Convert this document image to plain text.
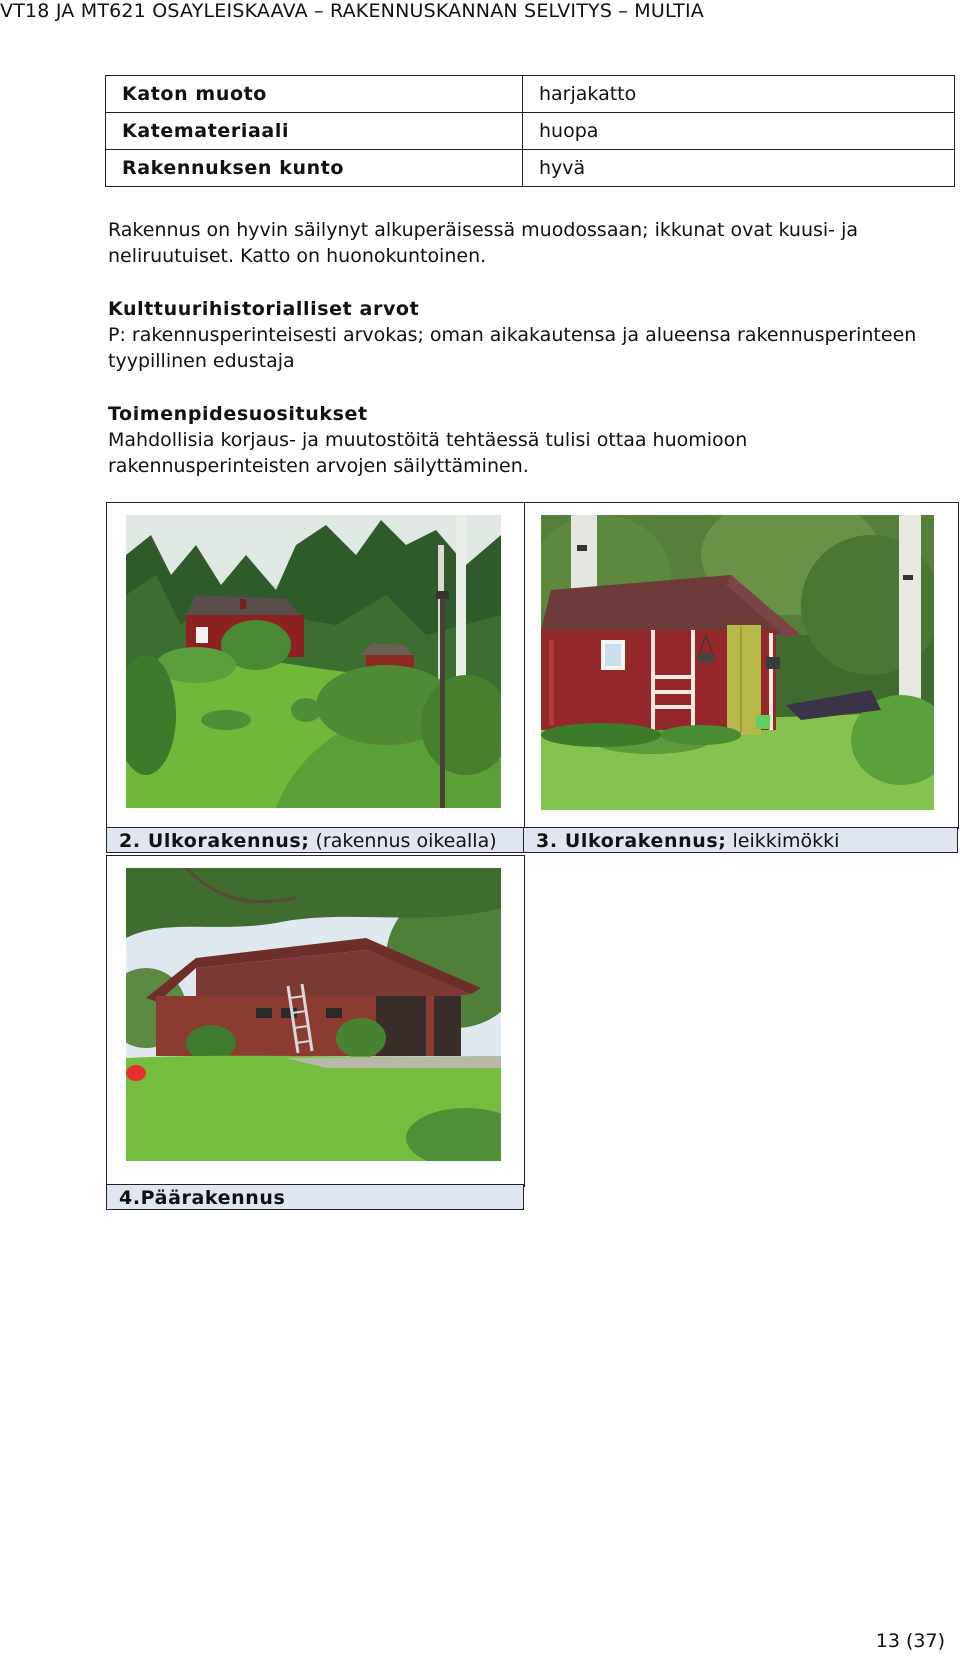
VT18 JA MT621 OSAYLEISKAAVA – RAKENNUSKANNAN SELVITYS – MULTIA
Katon muoto	harjakatto
Katemateriaali	huopa
Rakennuksen kunto	hyvä
Rakennus on hyvin säilynyt alkuperäisessä muodossaan; ikkunat ovat kuusi- ja
neliruutuiset. Katto on huonokuntoinen.
Kulttuurihistorialliset arvot
P: rakennusperinteisesti arvokas; oman aikakautensa ja alueensa rakennusperinteen
tyypillinen edustaja
Toimenpidesuositukset
Mahdollisia korjaus- ja muutostöitä tehtäessä tulisi ottaa huomioon
rakennusperinteisten arvojen säilyttäminen.
2. Ulkorakennus; (rakennus oikealla)	3. Ulkorakennus; leikkimökki
4.Päärakennus
13 (37)
